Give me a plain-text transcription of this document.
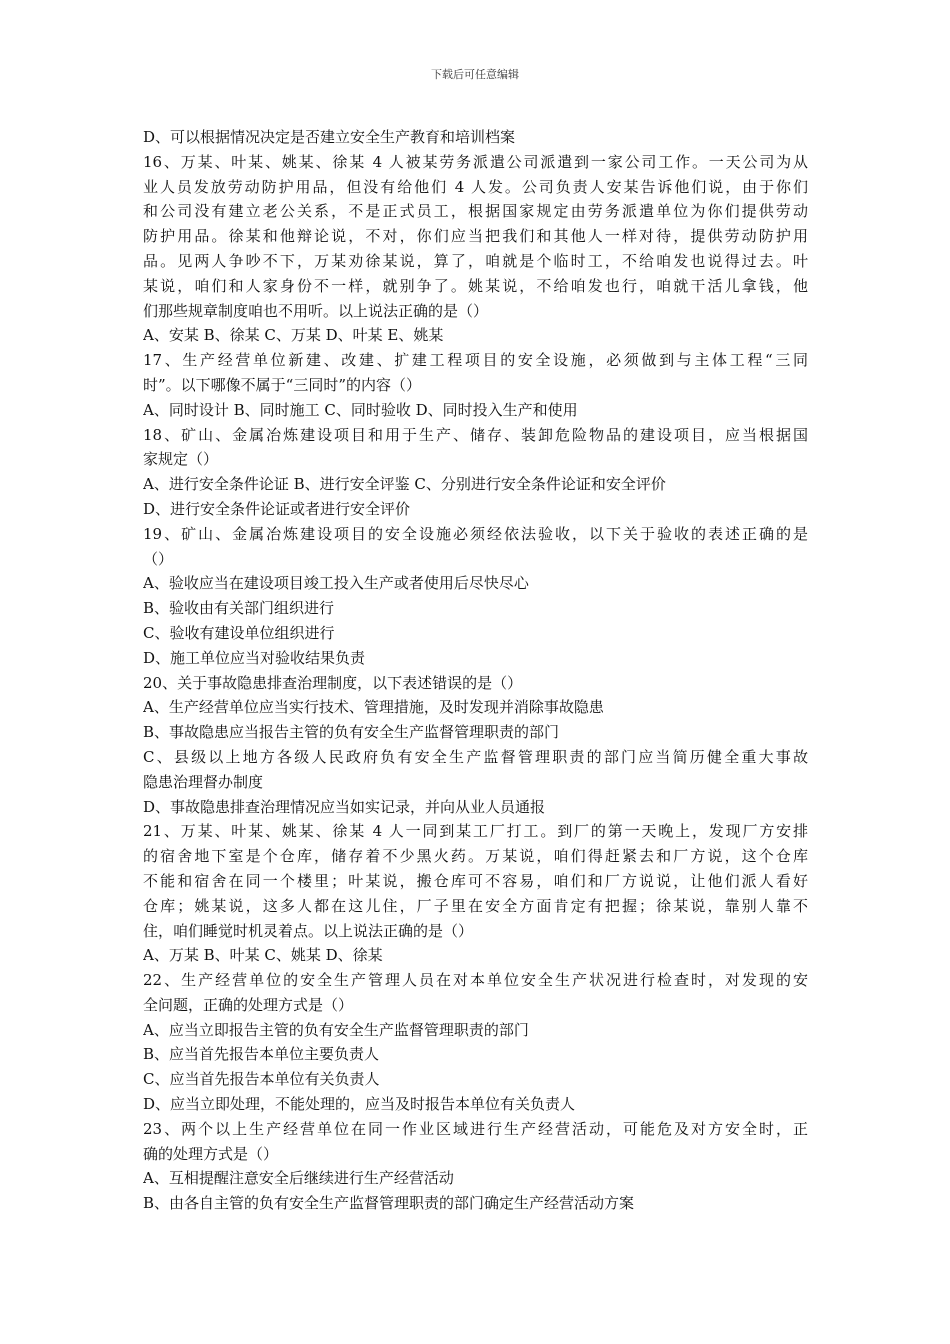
下载后可任意编辑
D、可以根据情况决定是否建立安全生产教育和培训档案
16、万某、叶某、姚某、徐某 4 人被某劳务派遣公司派遣到一家公司工作。一天公司为从
业人员发放劳动防护用品，但没有给他们 4 人发。公司负责人安某告诉他们说，由于你们
和公司没有建立老公关系，不是正式员工，根据国家规定由劳务派遣单位为你们提供劳动
防护用品。徐某和他辩论说，不对，你们应当把我们和其他人一样对待，提供劳动防护用
品。见两人争吵不下，万某劝徐某说，算了，咱就是个临时工，不给咱发也说得过去。叶
某说，咱们和人家身份不一样，就别争了。姚某说，不给咱发也行，咱就干活儿拿钱，他
们那些规章制度咱也不用听。以上说法正确的是（）
A、安某 B、徐某 C、万某 D、叶某 E、姚某
17、生产经营单位新建、改建、扩建工程项目的安全设施，必须做到与主体工程“三同
时”。以下哪像不属于“三同时”的内容（）
A、同时设计 B、同时施工 C、同时验收 D、同时投入生产和使用
18、矿山、金属冶炼建设项目和用于生产、储存、装卸危险物品的建设项目，应当根据国
家规定（）
A、进行安全条件论证 B、进行安全评鉴 C、分别进行安全条件论证和安全评价
D、进行安全条件论证或者进行安全评价
19、矿山、金属冶炼建设项目的安全设施必须经依法验收，以下关于验收的表述正确的是
（）
A、验收应当在建设项目竣工投入生产或者使用后尽快尽心
B、验收由有关部门组织进行
C、验收有建设单位组织进行
D、施工单位应当对验收结果负责
20、关于事故隐患排查治理制度，以下表述错误的是（）
A、生产经营单位应当实行技术、管理措施，及时发现并消除事故隐患
B、事故隐患应当报告主管的负有安全生产监督管理职责的部门
C、县级以上地方各级人民政府负有安全生产监督管理职责的部门应当简历健全重大事故
隐患治理督办制度
D、事故隐患排查治理情况应当如实记录，并向从业人员通报
21、万某、叶某、姚某、徐某 4 人一同到某工厂打工。到厂的第一天晚上，发现厂方安排
的宿舍地下室是个仓库，储存着不少黑火药。万某说，咱们得赶紧去和厂方说，这个仓库
不能和宿舍在同一个楼里；叶某说，搬仓库可不容易，咱们和厂方说说，让他们派人看好
仓库；姚某说，这多人都在这儿住，厂子里在安全方面肯定有把握；徐某说，靠别人靠不
住，咱们睡觉时机灵着点。以上说法正确的是（）
A、万某 B、叶某 C、姚某 D、徐某
22、生产经营单位的安全生产管理人员在对本单位安全生产状况进行检查时，对发现的安
全问题，正确的处理方式是（）
A、应当立即报告主管的负有安全生产监督管理职责的部门
B、应当首先报告本单位主要负责人
C、应当首先报告本单位有关负责人
D、应当立即处理，不能处理的，应当及时报告本单位有关负责人
23、两个以上生产经营单位在同一作业区域进行生产经营活动，可能危及对方安全时，正
确的处理方式是（）
A、互相提醒注意安全后继续进行生产经营活动
B、由各自主管的负有安全生产监督管理职责的部门确定生产经营活动方案
